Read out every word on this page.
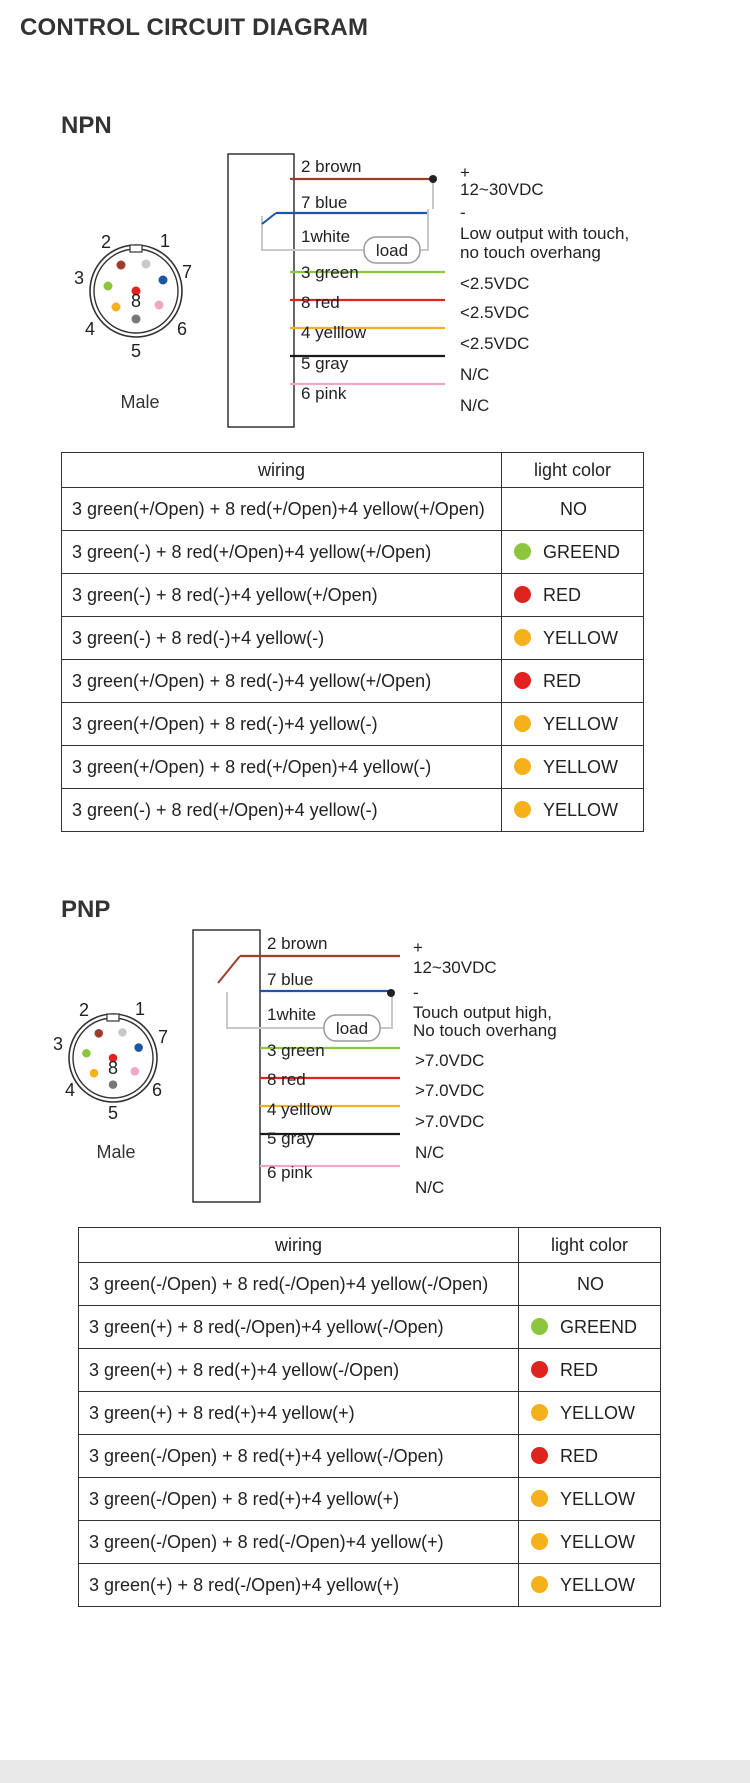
CONTROL CIRCUIT DIAGRAM
NPN
8
1
2
3
4
5
6
7
Male
load
2 brown
7 blue
1white
3 green
8 red
4 yelllow
5 gray
6 pink
+
12~30VDC
-
Low output with touch,
no touch overhang
<2.5VDC
<2.5VDC
<2.5VDC
N/C
N/C
wiring	light color
3 green(+/Open) + 8 red(+/Open)+4 yellow(+/Open)	NO
3 green(-) + 8 red(+/Open)+4 yellow(+/Open)	GREEND
3 green(-) + 8 red(-)+4 yellow(+/Open)	RED
3 green(-) + 8 red(-)+4 yellow(-)	YELLOW
3 green(+/Open) + 8 red(-)+4 yellow(+/Open)	RED
3 green(+/Open) + 8 red(-)+4 yellow(-)	YELLOW
3 green(+/Open) + 8 red(+/Open)+4 yellow(-)	YELLOW
3 green(-) + 8 red(+/Open)+4 yellow(-)	YELLOW
PNP
8
1
2
3
4
5
6
7
Male
load
2 brown
7 blue
1white
3 green
8 red
4 yelllow
5 gray
6 pink
+
12~30VDC
-
Touch output high,
No touch overhang
>7.0VDC
>7.0VDC
>7.0VDC
N/C
N/C
wiring	light color
3 green(-/Open) + 8 red(-/Open)+4 yellow(-/Open)	NO
3 green(+) + 8 red(-/Open)+4 yellow(-/Open)	GREEND
3 green(+) + 8 red(+)+4 yellow(-/Open)	RED
3 green(+) + 8 red(+)+4 yellow(+)	YELLOW
3 green(-/Open) + 8 red(+)+4 yellow(-/Open)	RED
3 green(-/Open) + 8 red(+)+4 yellow(+)	YELLOW
3 green(-/Open) + 8 red(-/Open)+4 yellow(+)	YELLOW
3 green(+) + 8 red(-/Open)+4 yellow(+)	YELLOW
